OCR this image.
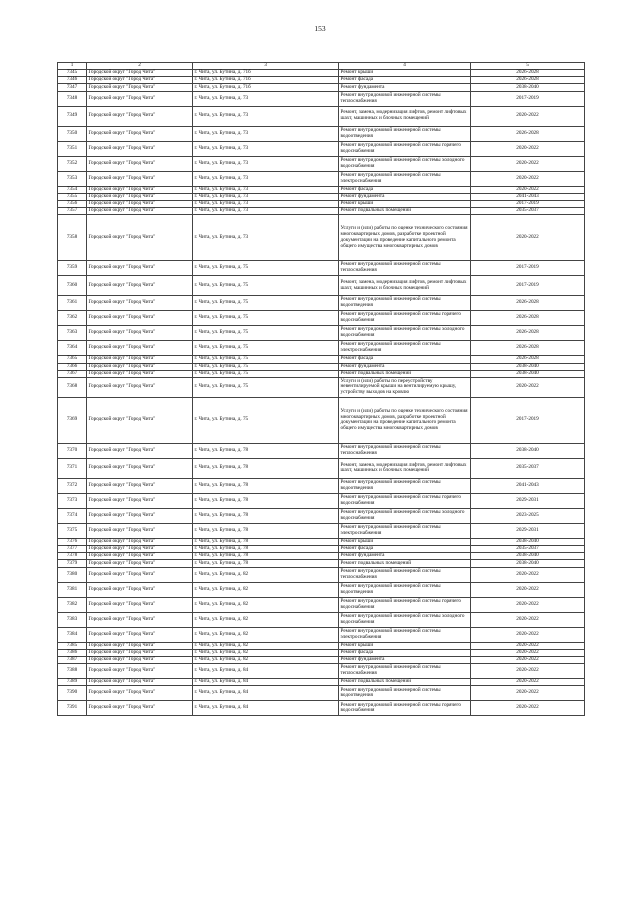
153
1	2	3	4	5
7345	Городской округ "Город Чита"	г. Чита, ул. Бутина, д. 71б	Ремонт крыши	2026-2028
7346	Городской округ "Город Чита"	г. Чита, ул. Бутина, д. 71б	Ремонт фасада	2026-2028
7347	Городской округ "Город Чита"	г. Чита, ул. Бутина, д. 71б	Ремонт фундамента	2038-2040
7348	Городской округ "Город Чита"	г. Чита, ул. Бутина, д. 73	Ремонт внутридомовой инженерной системы теплоснабжения	2017-2019
7349	Городской округ "Город Чита"	г. Чита, ул. Бутина, д. 73	Ремонт, замена, модернизация лифтов, ремонт лифтовых шахт, машинных и блочных помещений	2020-2022
7350	Городской округ "Город Чита"	г. Чита, ул. Бутина, д. 73	Ремонт внутридомовой инженерной системы водоотведения	2026-2028
7351	Городской округ "Город Чита"	г. Чита, ул. Бутина, д. 73	Ремонт внутридомовой инженерной системы горячего водоснабжения	2020-2022
7352	Городской округ "Город Чита"	г. Чита, ул. Бутина, д. 73	Ремонт внутридомовой инженерной системы холодного водоснабжения	2020-2022
7353	Городской округ "Город Чита"	г. Чита, ул. Бутина, д. 73	Ремонт внутридомовой инженерной системы электроснабжения	2020-2022
7354	Городской округ "Город Чита"	г. Чита, ул. Бутина, д. 73	Ремонт фасада	2020-2022
7355	Городской округ "Город Чита"	г. Чита, ул. Бутина, д. 73	Ремонт фундамента	2041-2043
7356	Городской округ "Город Чита"	г. Чита, ул. Бутина, д. 73	Ремонт крыши	2017-2019
7357	Городской округ "Город Чита"	г. Чита, ул. Бутина, д. 73	Ремонт подвальных помещений	2035-2037
7358	Городской округ "Город Чита"	г. Чита, ул. Бутина, д. 73	Услуги и (или) работы по оценке технического состояния многоквартирных домов, разработке проектной документации на проведение капитального ремонта общего имущества многоквартирных домов	2020-2022
7359	Городской округ "Город Чита"	г. Чита, ул. Бутина, д. 75	Ремонт внутридомовой инженерной системы теплоснабжения	2017-2019
7360	Городской округ "Город Чита"	г. Чита, ул. Бутина, д. 75	Ремонт, замена, модернизация лифтов, ремонт лифтовых шахт, машинных и блочных помещений	2017-2019
7361	Городской округ "Город Чита"	г. Чита, ул. Бутина, д. 75	Ремонт внутридомовой инженерной системы водоотведения	2026-2028
7362	Городской округ "Город Чита"	г. Чита, ул. Бутина, д. 75	Ремонт внутридомовой инженерной системы горячего водоснабжения	2026-2028
7363	Городской округ "Город Чита"	г. Чита, ул. Бутина, д. 75	Ремонт внутридомовой инженерной системы холодного водоснабжения	2026-2028
7364	Городской округ "Город Чита"	г. Чита, ул. Бутина, д. 75	Ремонт внутридомовой инженерной системы электроснабжения	2026-2028
7365	Городской округ "Город Чита"	г. Чита, ул. Бутина, д. 75	Ремонт фасада	2026-2028
7366	Городской округ "Город Чита"	г. Чита, ул. Бутина, д. 75	Ремонт фундамента	2038-2040
7367	Городской округ "Город Чита"	г. Чита, ул. Бутина, д. 75	Ремонт подвальных помещений	2038-2040
7368	Городской округ "Город Чита"	г. Чита, ул. Бутина, д. 75	Услуги и (или) работы по переустройству невентилируемой крыши на вентилируемую крышу, устройству выходов на кровлю	2020-2022
7369	Городской округ "Город Чита"	г. Чита, ул. Бутина, д. 75	Услуги и (или) работы по оценке технического состояния многоквартирных домов, разработке проектной документации на проведение капитального ремонта общего имущества многоквартирных домов	2017-2019
7370	Городской округ "Город Чита"	г. Чита, ул. Бутина, д. 78	Ремонт внутридомовой инженерной системы теплоснабжения	2038-2040
7371	Городской округ "Город Чита"	г. Чита, ул. Бутина, д. 78	Ремонт, замена, модернизация лифтов, ремонт лифтовых шахт, машинных и блочных помещений	2035-2037
7372	Городской округ "Город Чита"	г. Чита, ул. Бутина, д. 78	Ремонт внутридомовой инженерной системы водоотведения	2041-2043
7373	Городской округ "Город Чита"	г. Чита, ул. Бутина, д. 78	Ремонт внутридомовой инженерной системы горячего водоснабжения	2029-2031
7374	Городской округ "Город Чита"	г. Чита, ул. Бутина, д. 78	Ремонт внутридомовой инженерной системы холодного водоснабжения	2023-2025
7375	Городской округ "Город Чита"	г. Чита, ул. Бутина, д. 78	Ремонт внутридомовой инженерной системы электроснабжения	2029-2031
7376	Городской округ "Город Чита"	г. Чита, ул. Бутина, д. 78	Ремонт крыши	2038-2040
7377	Городской округ "Город Чита"	г. Чита, ул. Бутина, д. 78	Ремонт фасада	2035-2037
7378	Городской округ "Город Чита"	г. Чита, ул. Бутина, д. 78	Ремонт фундамента	2038-2040
7379	Городской округ "Город Чита"	г. Чита, ул. Бутина, д. 78	Ремонт подвальных помещений	2038-2040
7380	Городской округ "Город Чита"	г. Чита, ул. Бутина, д. 82	Ремонт внутридомовой инженерной системы теплоснабжения	2020-2022
7381	Городской округ "Город Чита"	г. Чита, ул. Бутина, д. 82	Ремонт внутридомовой инженерной системы водоотведения	2020-2022
7382	Городской округ "Город Чита"	г. Чита, ул. Бутина, д. 82	Ремонт внутридомовой инженерной системы горячего водоснабжения	2020-2022
7383	Городской округ "Город Чита"	г. Чита, ул. Бутина, д. 82	Ремонт внутридомовой инженерной системы холодного водоснабжения	2020-2022
7384	Городской округ "Город Чита"	г. Чита, ул. Бутина, д. 82	Ремонт внутридомовой инженерной системы электроснабжения	2020-2022
7385	Городской округ "Город Чита"	г. Чита, ул. Бутина, д. 82	Ремонт крыши	2020-2022
7386	Городской округ "Город Чита"	г. Чита, ул. Бутина, д. 82	Ремонт фасада	2020-2022
7387	Городской округ "Город Чита"	г. Чита, ул. Бутина, д. 82	Ремонт фундамента	2020-2022
7388	Городской округ "Город Чита"	г. Чита, ул. Бутина, д. 84	Ремонт внутридомовой инженерной системы теплоснабжения	2020-2022
7389	Городской округ "Город Чита"	г. Чита, ул. Бутина, д. 84	Ремонт подвальных помещений	2020-2022
7390	Городской округ "Город Чита"	г. Чита, ул. Бутина, д. 84	Ремонт внутридомовой инженерной системы водоотведения	2020-2022
7391	Городской округ "Город Чита"	г. Чита, ул. Бутина, д. 84	Ремонт внутридомовой инженерной системы горячего водоснабжения	2020-2022
